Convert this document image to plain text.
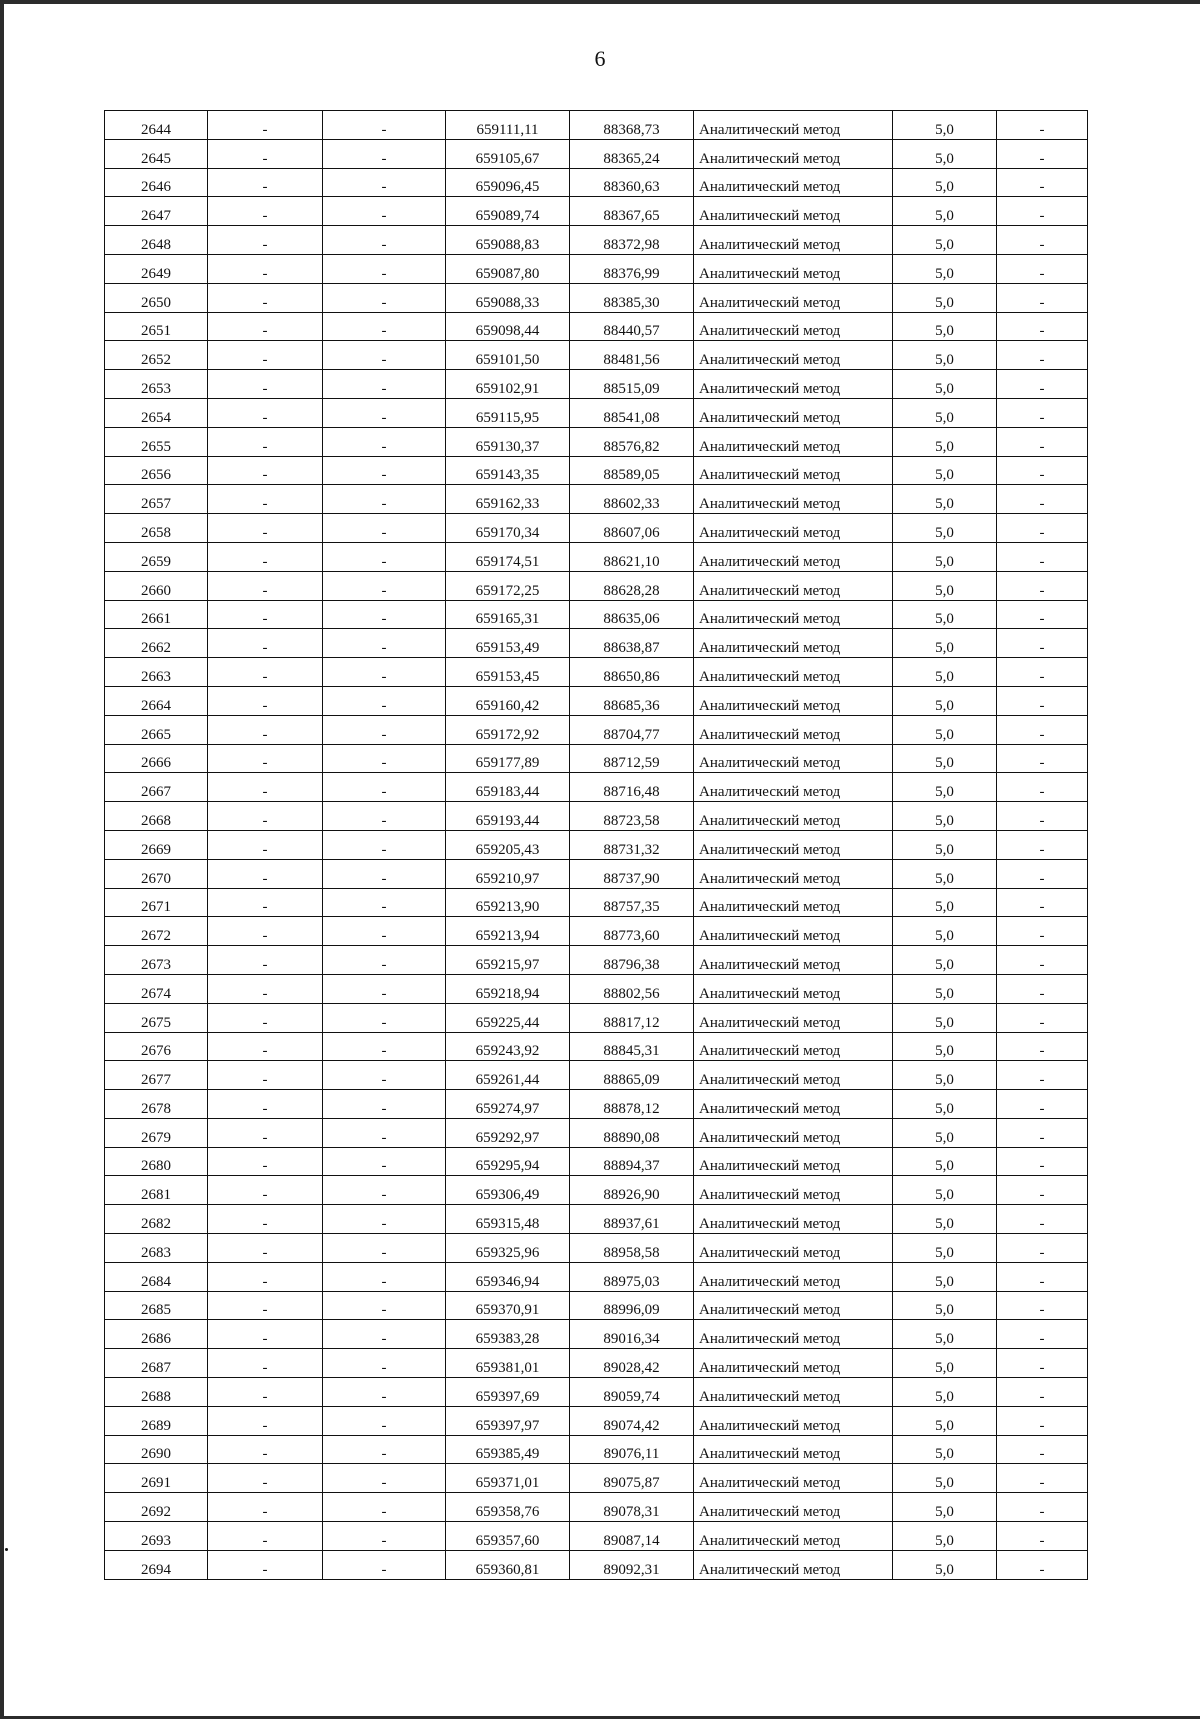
6
2644	-	-	659111,11	88368,73	Аналитический метод	5,0	-
2645	-	-	659105,67	88365,24	Аналитический метод	5,0	-
2646	-	-	659096,45	88360,63	Аналитический метод	5,0	-
2647	-	-	659089,74	88367,65	Аналитический метод	5,0	-
2648	-	-	659088,83	88372,98	Аналитический метод	5,0	-
2649	-	-	659087,80	88376,99	Аналитический метод	5,0	-
2650	-	-	659088,33	88385,30	Аналитический метод	5,0	-
2651	-	-	659098,44	88440,57	Аналитический метод	5,0	-
2652	-	-	659101,50	88481,56	Аналитический метод	5,0	-
2653	-	-	659102,91	88515,09	Аналитический метод	5,0	-
2654	-	-	659115,95	88541,08	Аналитический метод	5,0	-
2655	-	-	659130,37	88576,82	Аналитический метод	5,0	-
2656	-	-	659143,35	88589,05	Аналитический метод	5,0	-
2657	-	-	659162,33	88602,33	Аналитический метод	5,0	-
2658	-	-	659170,34	88607,06	Аналитический метод	5,0	-
2659	-	-	659174,51	88621,10	Аналитический метод	5,0	-
2660	-	-	659172,25	88628,28	Аналитический метод	5,0	-
2661	-	-	659165,31	88635,06	Аналитический метод	5,0	-
2662	-	-	659153,49	88638,87	Аналитический метод	5,0	-
2663	-	-	659153,45	88650,86	Аналитический метод	5,0	-
2664	-	-	659160,42	88685,36	Аналитический метод	5,0	-
2665	-	-	659172,92	88704,77	Аналитический метод	5,0	-
2666	-	-	659177,89	88712,59	Аналитический метод	5,0	-
2667	-	-	659183,44	88716,48	Аналитический метод	5,0	-
2668	-	-	659193,44	88723,58	Аналитический метод	5,0	-
2669	-	-	659205,43	88731,32	Аналитический метод	5,0	-
2670	-	-	659210,97	88737,90	Аналитический метод	5,0	-
2671	-	-	659213,90	88757,35	Аналитический метод	5,0	-
2672	-	-	659213,94	88773,60	Аналитический метод	5,0	-
2673	-	-	659215,97	88796,38	Аналитический метод	5,0	-
2674	-	-	659218,94	88802,56	Аналитический метод	5,0	-
2675	-	-	659225,44	88817,12	Аналитический метод	5,0	-
2676	-	-	659243,92	88845,31	Аналитический метод	5,0	-
2677	-	-	659261,44	88865,09	Аналитический метод	5,0	-
2678	-	-	659274,97	88878,12	Аналитический метод	5,0	-
2679	-	-	659292,97	88890,08	Аналитический метод	5,0	-
2680	-	-	659295,94	88894,37	Аналитический метод	5,0	-
2681	-	-	659306,49	88926,90	Аналитический метод	5,0	-
2682	-	-	659315,48	88937,61	Аналитический метод	5,0	-
2683	-	-	659325,96	88958,58	Аналитический метод	5,0	-
2684	-	-	659346,94	88975,03	Аналитический метод	5,0	-
2685	-	-	659370,91	88996,09	Аналитический метод	5,0	-
2686	-	-	659383,28	89016,34	Аналитический метод	5,0	-
2687	-	-	659381,01	89028,42	Аналитический метод	5,0	-
2688	-	-	659397,69	89059,74	Аналитический метод	5,0	-
2689	-	-	659397,97	89074,42	Аналитический метод	5,0	-
2690	-	-	659385,49	89076,11	Аналитический метод	5,0	-
2691	-	-	659371,01	89075,87	Аналитический метод	5,0	-
2692	-	-	659358,76	89078,31	Аналитический метод	5,0	-
2693	-	-	659357,60	89087,14	Аналитический метод	5,0	-
2694	-	-	659360,81	89092,31	Аналитический метод	5,0	-
